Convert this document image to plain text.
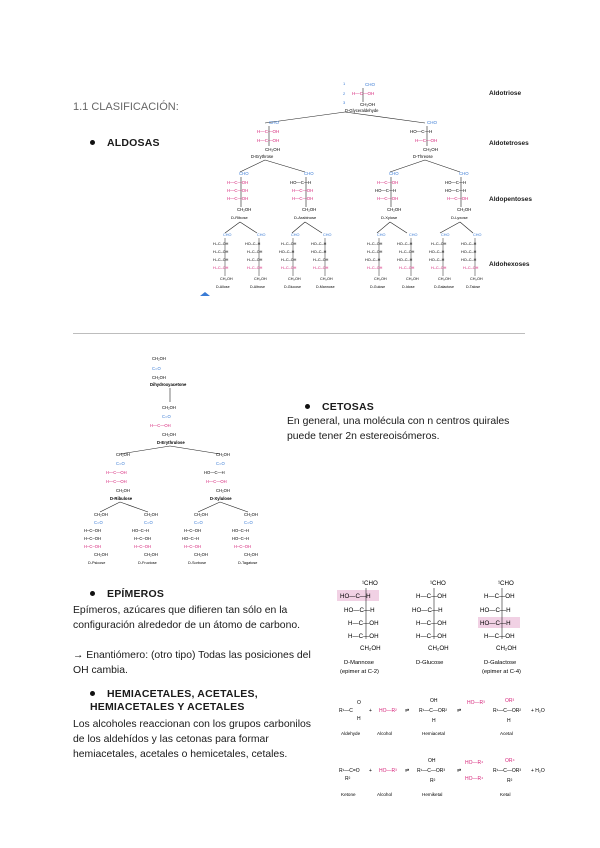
1.1 CLASIFICACIÓN:
ALDOSAS
CHO
H—C—OH
CH₂OH
1
2
3
D-Glyceraldehyde
CHO
H—C—OH
H—C—OH
CH₂OH
D-Erythrose
CHO
HO—C—H
H—C—OH
CH₂OH
D-Threose
CHO
H—C—OH
H—C—OH
H—C—OH
CH₂OH
D-Ribose
CHO
HO—C—H
H—C—OH
H—C—OH
CH₂OH
D-Arabinose
CHO
H—C—OH
HO—C—H
H—C—OH
CH₂OH
D-Xylose
CHO
HO—C—H
HO—C—H
H—C—OH
CH₂OH
D-Lyxose
CHO
H–C–OH
H–C–OH
H–C–OH
H–C–OH
CH₂OH
D-Allose
CHO
HO–C–H
H–C–OH
H–C–OH
H–C–OH
CH₂OH
D-Altrose
CHO
H–C–OH
HO–C–H
H–C–OH
H–C–OH
CH₂OH
D-Glucose
CHO
HO–C–H
HO–C–H
H–C–OH
H–C–OH
CH₂OH
D-Mannose
CHO
H–C–OH
H–C–OH
HO–C–H
H–C–OH
CH₂OH
D-Gulose
CHO
HO–C–H
H–C–OH
HO–C–H
H–C–OH
CH₂OH
D-Idose
CHO
H–C–OH
HO–C–H
HO–C–H
H–C–OH
CH₂OH
D-Galactose
CHO
HO–C–H
HO–C–H
HO–C–H
H–C–OH
CH₂OH
D-Talose
Aldotriose
Aldotetroses
Aldopentoses
Aldohexoses
CH₂OH
C=O
CH₂OH
Dihydroxyacetone
CH₂OH
C=O
H—C—OH
CH₂OH
D-Erythrulose
CH₂OH
C=O
H—C—OH
H—C—OH
CH₂OH
D-Ribulose
CH₂OH
C=O
HO—C—H
H—C—OH
CH₂OH
D-Xylulose
CH₂OH
C=O
H–C–OH
H–C–OH
H–C–OH
CH₂OH
D-Psicose
CH₂OH
C=O
HO–C–H
H–C–OH
H–C–OH
CH₂OH
D-Fructose
CH₂OH
C=O
H–C–OH
HO–C–H
H–C–OH
CH₂OH
D-Sorbose
CH₂OH
C=O
HO–C–H
HO–C–H
H–C–OH
CH₂OH
D-Tagatose
CETOSAS
En general, una molécula con n centros quirales puede tener 2n estereoisómeros.
EPÍMEROS
Epímeros, azúcares que difieren tan sólo en la configuración alrededor de un átomo de carbono.
→ Enantiómero: (otro tipo) Todas las posiciones del OH cambia.
¹CHO
HO—C—H
HO—C—H
H—C—OH
H—C—OH
CH₂OH
¹CHO
H—C—OH
HO—C—H
H—C—OH
H—C—OH
CH₂OH
¹CHO
H—C—OH
HO—C—H
HO—C—H
H—C—OH
CH₂OH
D-Mannose
(epimer at C-2)
D-Glucose	D-Galactose
(epimer at C-4)
HEMIACETALES, ACETALES, HEMIACETALES Y ACETALES
Los alcoholes reaccionan con los grupos carbonilos de los aldehídos y las cetonas para formar hemiacetales, acetales o hemicetales, cetales.
R¹—C
O
H
+ HO—R² ⇌ R¹—C—OR²
OH
H
⇌
HO—R³
R¹—C—OR²
OR³
H
+ H₂O
Aldehyde	Alcohol	Hemiacetal	Acetal
R¹—C=O
R²
+ HO—R³ ⇌ R¹—C—OR³
OH
R²
⇌
HO—R⁴
HO—R⁴
R¹—C—OR³
OR⁴
R²
+ H₂O
Ketone	Alcohol	Hemiketal	Ketal
